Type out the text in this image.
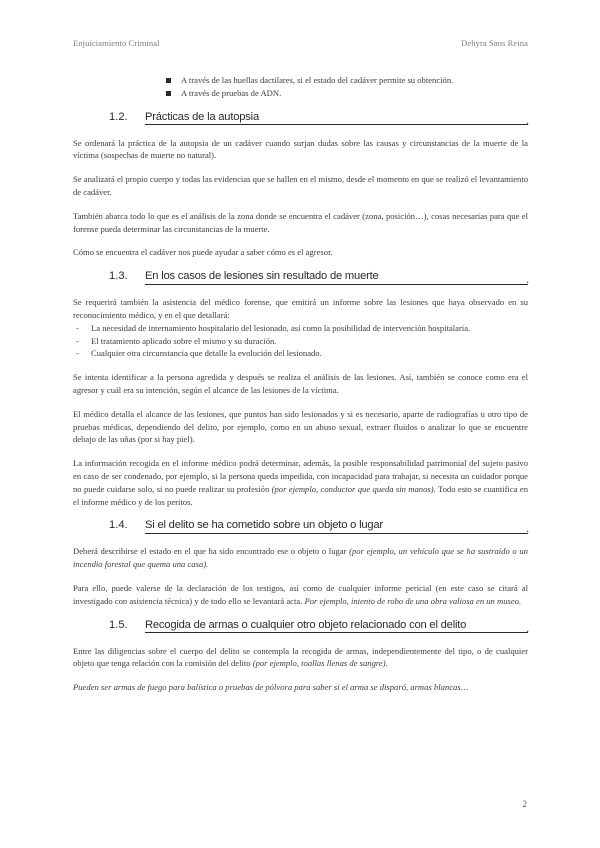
Enjuiciamiento Criminal	Dehyra Sans Reina
A través de las huellas dactilares, si el estado del cadáver permite su obtención.
A través de pruebas de ADN.
1.2. Prácticas de la autopsia .

Se ordenará la práctica de la autopsia de un cadáver cuando surjan dudas sobre las causas y circunstancias de la muerte de la víctima (sospechas de muerte no natural).

Se analizará el propio cuerpo y todas las evidencias que se hallen en el mismo, desde el momento en que se realizó el levantamiento de cadáver.

También abarca todo lo que es el análisis de la zona donde se encuentra el cadáver (zona, posición…), cosas necesarias para que el forense pueda determinar las circunstancias de la muerte.

Cómo se encuentra el cadáver nos puede ayudar a saber cómo es el agresor.

1.3. En los casos de lesiones sin resultado de muerte .

Se requerirá también la asistencia del médico forense, que emitirá un informe sobre las lesiones que haya observado en su reconocimiento médico, y en el que detallará:

- La necesidad de internamiento hospitalario del lesionado, así como la posibilidad de intervención hospitalaria.
- El tratamiento aplicado sobre el mismo y su duración.
- Cualquier otra circunstancia que detalle la evolución del lesionado.

Se intenta identificar a la persona agredida y después se realiza el análisis de las lesiones. Así, también se conoce como era el agresor y cuál era su intención, según el alcance de las lesiones de la víctima.

El médico detalla el alcance de las lesiones, que puntos han sido lesionados y si es necesario, aparte de radiografías u otro tipo de pruebas médicas, dependiendo del delito, por ejemplo, como en un abuso sexual, extraer fluidos o analizar lo que se encuentre debajo de las uñas (por si hay piel).

La información recogida en el informe médico podrá determinar, además, la posible responsabilidad patrimonial del sujeto pasivo en caso de ser condenado, por ejemplo, si la persona queda impedida, con incapacidad para trabajar, si necesita un cuidador porque no puede cuidarse solo, si no puede realizar su profesión (por ejemplo, conductor que queda sin manos). Todo esto se cuantifica en el informe médico y de los peritos.

1.4. Si el delito se ha cometido sobre un objeto o lugar .

Deberá describirse el estado en el que ha sido encontrado ese o objeto o lugar (por ejemplo, un vehículo que se ha sustraído o un incendio forestal que quema una casa).

Para ello, puede valerse de la declaración de los testigos, así como de cualquier informe pericial (en este caso se citará al investigado con asistencia técnica) y de todo ello se levantará acta. Por ejemplo, intento de robo de una obra valiosa en un museo.

1.5. Recogida de armas o cualquier otro objeto relacionado con el delito .

Entre las diligencias sobre el cuerpo del delito se contempla la recogida de armas, independientemente del tipo, o de cualquier objeto que tenga relación con la comisión del delito (por ejemplo, toallas llenas de sangre).

Pueden ser armas de fuego para balística o pruebas de pólvora para saber si el arma se disparó, armas blancas…

2
